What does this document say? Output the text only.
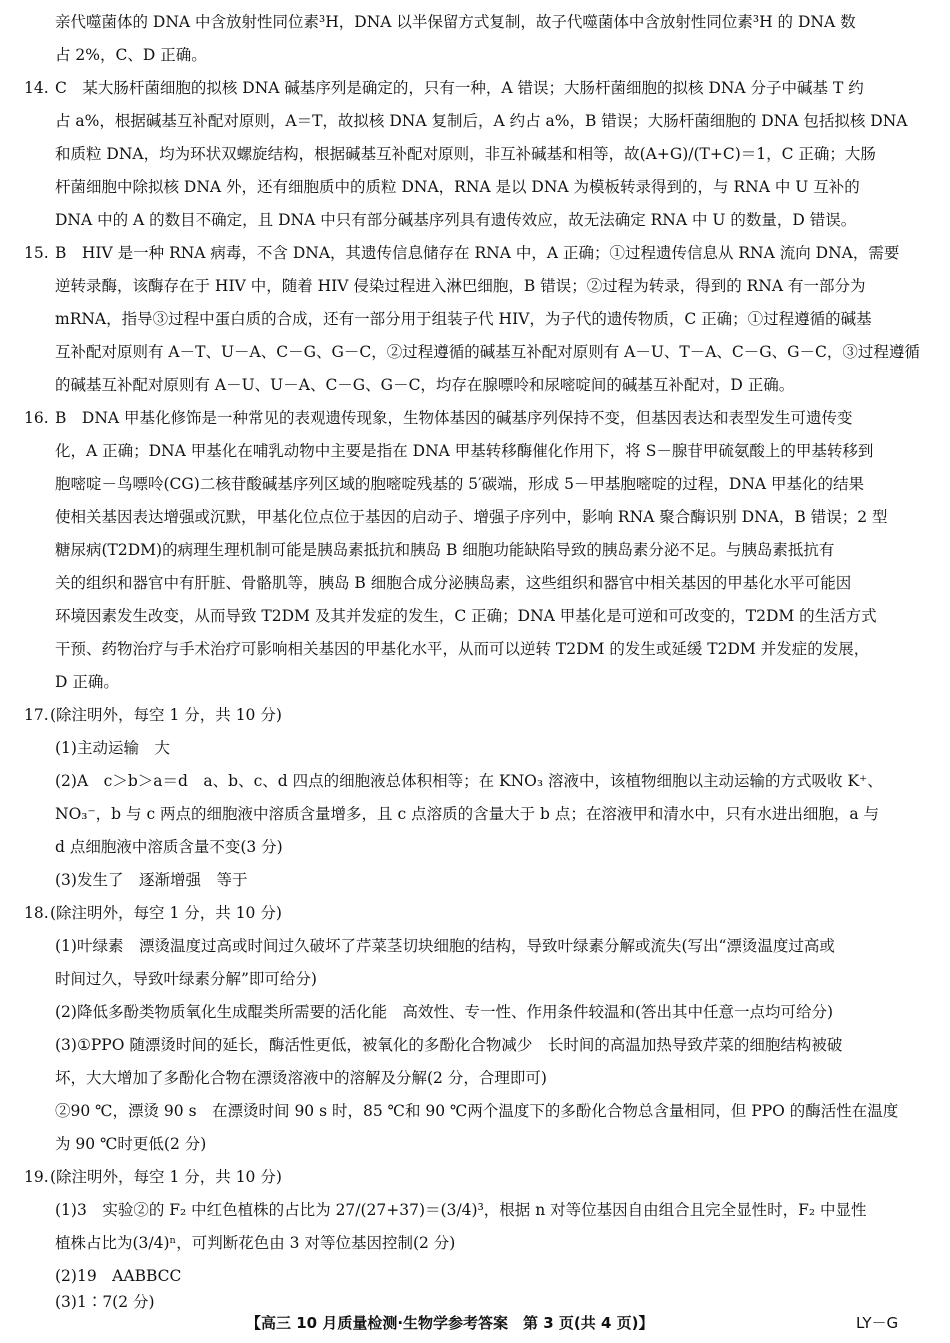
亲代噬菌体的 DNA 中含放射性同位素³H，DNA 以半保留方式复制，故子代噬菌体中含放射性同位素³H 的 DNA 数
占 2%，C、D 正确。
14. C　某大肠杆菌细胞的拟核 DNA 碱基序列是确定的，只有一种，A 错误；大肠杆菌细胞的拟核 DNA 分子中碱基 T 约
占 a%，根据碱基互补配对原则，A＝T，故拟核 DNA 复制后，A 约占 a%，B 错误；大肠杆菌细胞的 DNA 包括拟核 DNA
和质粒 DNA，均为环状双螺旋结构，根据碱基互补配对原则，非互补碱基和相等，故(A+G)/(T+C)＝1，C 正确；大肠
杆菌细胞中除拟核 DNA 外，还有细胞质中的质粒 DNA，RNA 是以 DNA 为模板转录得到的，与 RNA 中 U 互补的
DNA 中的 A 的数目不确定，且 DNA 中只有部分碱基序列具有遗传效应，故无法确定 RNA 中 U 的数量，D 错误。
15. B　HIV 是一种 RNA 病毒，不含 DNA，其遗传信息储存在 RNA 中，A 正确；①过程遗传信息从 RNA 流向 DNA，需要
逆转录酶，该酶存在于 HIV 中，随着 HIV 侵染过程进入淋巴细胞，B 错误；②过程为转录，得到的 RNA 有一部分为
mRNA，指导③过程中蛋白质的合成，还有一部分用于组装子代 HIV，为子代的遗传物质，C 正确；①过程遵循的碱基
互补配对原则有 A－T、U－A、C－G、G－C，②过程遵循的碱基互补配对原则有 A－U、T－A、C－G、G－C，③过程遵循
的碱基互补配对原则有 A－U、U－A、C－G、G－C，均存在腺嘌呤和尿嘧啶间的碱基互补配对，D 正确。
16. B　DNA 甲基化修饰是一种常见的表观遗传现象，生物体基因的碱基序列保持不变，但基因表达和表型发生可遗传变
化，A 正确；DNA 甲基化在哺乳动物中主要是指在 DNA 甲基转移酶催化作用下，将 S－腺苷甲硫氨酸上的甲基转移到
胞嘧啶－鸟嘌呤(CG)二核苷酸碱基序列区域的胞嘧啶残基的 5′碳端，形成 5－甲基胞嘧啶的过程，DNA 甲基化的结果
使相关基因表达增强或沉默，甲基化位点位于基因的启动子、增强子序列中，影响 RNA 聚合酶识别 DNA，B 错误；2 型
糖尿病(T2DM)的病理生理机制可能是胰岛素抵抗和胰岛 B 细胞功能缺陷导致的胰岛素分泌不足。与胰岛素抵抗有
关的组织和器官中有肝脏、骨骼肌等，胰岛 B 细胞合成分泌胰岛素，这些组织和器官中相关基因的甲基化水平可能因
环境因素发生改变，从而导致 T2DM 及其并发症的发生，C 正确；DNA 甲基化是可逆和可改变的，T2DM 的生活方式
干预、药物治疗与手术治疗可影响相关基因的甲基化水平，从而可以逆转 T2DM 的发生或延缓 T2DM 并发症的发展，
D 正确。
17. (除注明外，每空 1 分，共 10 分)
(1)主动运输　大
(2)A　c＞b＞a＝d　a、b、c、d 四点的细胞液总体积相等；在 KNO₃ 溶液中，该植物细胞以主动运输的方式吸收 K⁺、
NO₃⁻，b 与 c 两点的细胞液中溶质含量增多，且 c 点溶质的含量大于 b 点；在溶液甲和清水中，只有水进出细胞，a 与
d 点细胞液中溶质含量不变(3 分)
(3)发生了　逐渐增强　等于
18. (除注明外，每空 1 分，共 10 分)
(1)叶绿素　漂烫温度过高或时间过久破坏了芹菜茎切块细胞的结构，导致叶绿素分解或流失(写出“漂烫温度过高或
时间过久，导致叶绿素分解”即可给分)
(2)降低多酚类物质氧化生成醌类所需要的活化能　高效性、专一性、作用条件较温和(答出其中任意一点均可给分)
(3)①PPO 随漂烫时间的延长，酶活性更低，被氧化的多酚化合物减少　长时间的高温加热导致芹菜的细胞结构被破
坏，大大增加了多酚化合物在漂烫溶液中的溶解及分解(2 分，合理即可)
②90 ℃，漂烫 90 s　在漂烫时间 90 s 时，85 ℃和 90 ℃两个温度下的多酚化合物总含量相同，但 PPO 的酶活性在温度
为 90 ℃时更低(2 分)
19. (除注明外，每空 1 分，共 10 分)
(1)3　实验②的 F₂ 中红色植株的占比为 27/(27+37)＝(3/4)³，根据 n 对等位基因自由组合且完全显性时，F₂ 中显性
植株占比为(3/4)ⁿ，可判断花色由 3 对等位基因控制(2 分)
(2)19　AABBCC
(3)1∶7(2 分)
【高三 10 月质量检测·生物学参考答案　第 3 页(共 4 页)】	LY－G
